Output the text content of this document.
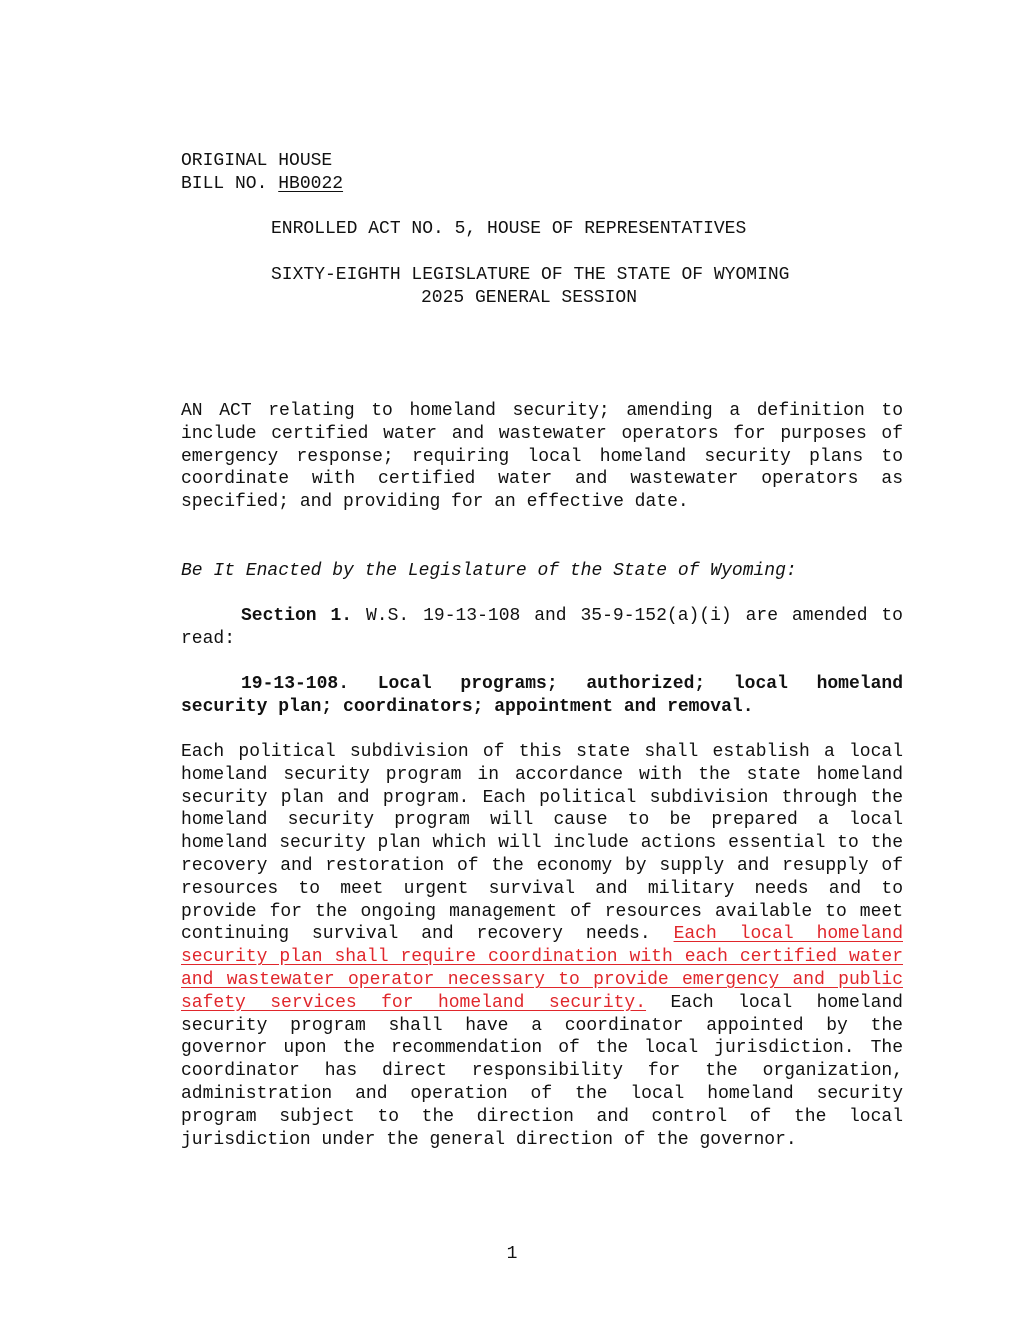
ORIGINAL HOUSE
BILL NO. HB0022
ENROLLED ACT NO. 5, HOUSE OF REPRESENTATIVES
SIXTY-EIGHTH LEGISLATURE OF THE STATE OF WYOMING
2025 GENERAL SESSION
AN ACT relating to homeland security; amending a definition to include certified water and wastewater operators for purposes of emergency response; requiring local homeland security plans to coordinate with certified water and wastewater operators as specified; and providing for an effective date.
Be It Enacted by the Legislature of the State of Wyoming:
Section 1. W.S. 19-13-108 and 35-9-152(a)(i) are amended to read:
19-13-108. Local programs; authorized; local homeland security plan; coordinators; appointment and removal.
Each political subdivision of this state shall establish a local homeland security program in accordance with the state homeland security plan and program. Each political subdivision through the homeland security program will cause to be prepared a local homeland security plan which will include actions essential to the recovery and restoration of the economy by supply and resupply of resources to meet urgent survival and military needs and to provide for the ongoing management of resources available to meet continuing survival and recovery needs. Each local homeland security plan shall require coordination with each certified water and wastewater operator necessary to provide emergency and public safety services for homeland security. Each local homeland security program shall have a coordinator appointed by the governor upon the recommendation of the local jurisdiction. The coordinator has direct responsibility for the organization, administration and operation of the local homeland security program subject to the direction and control of the local jurisdiction under the general direction of the governor.
1
